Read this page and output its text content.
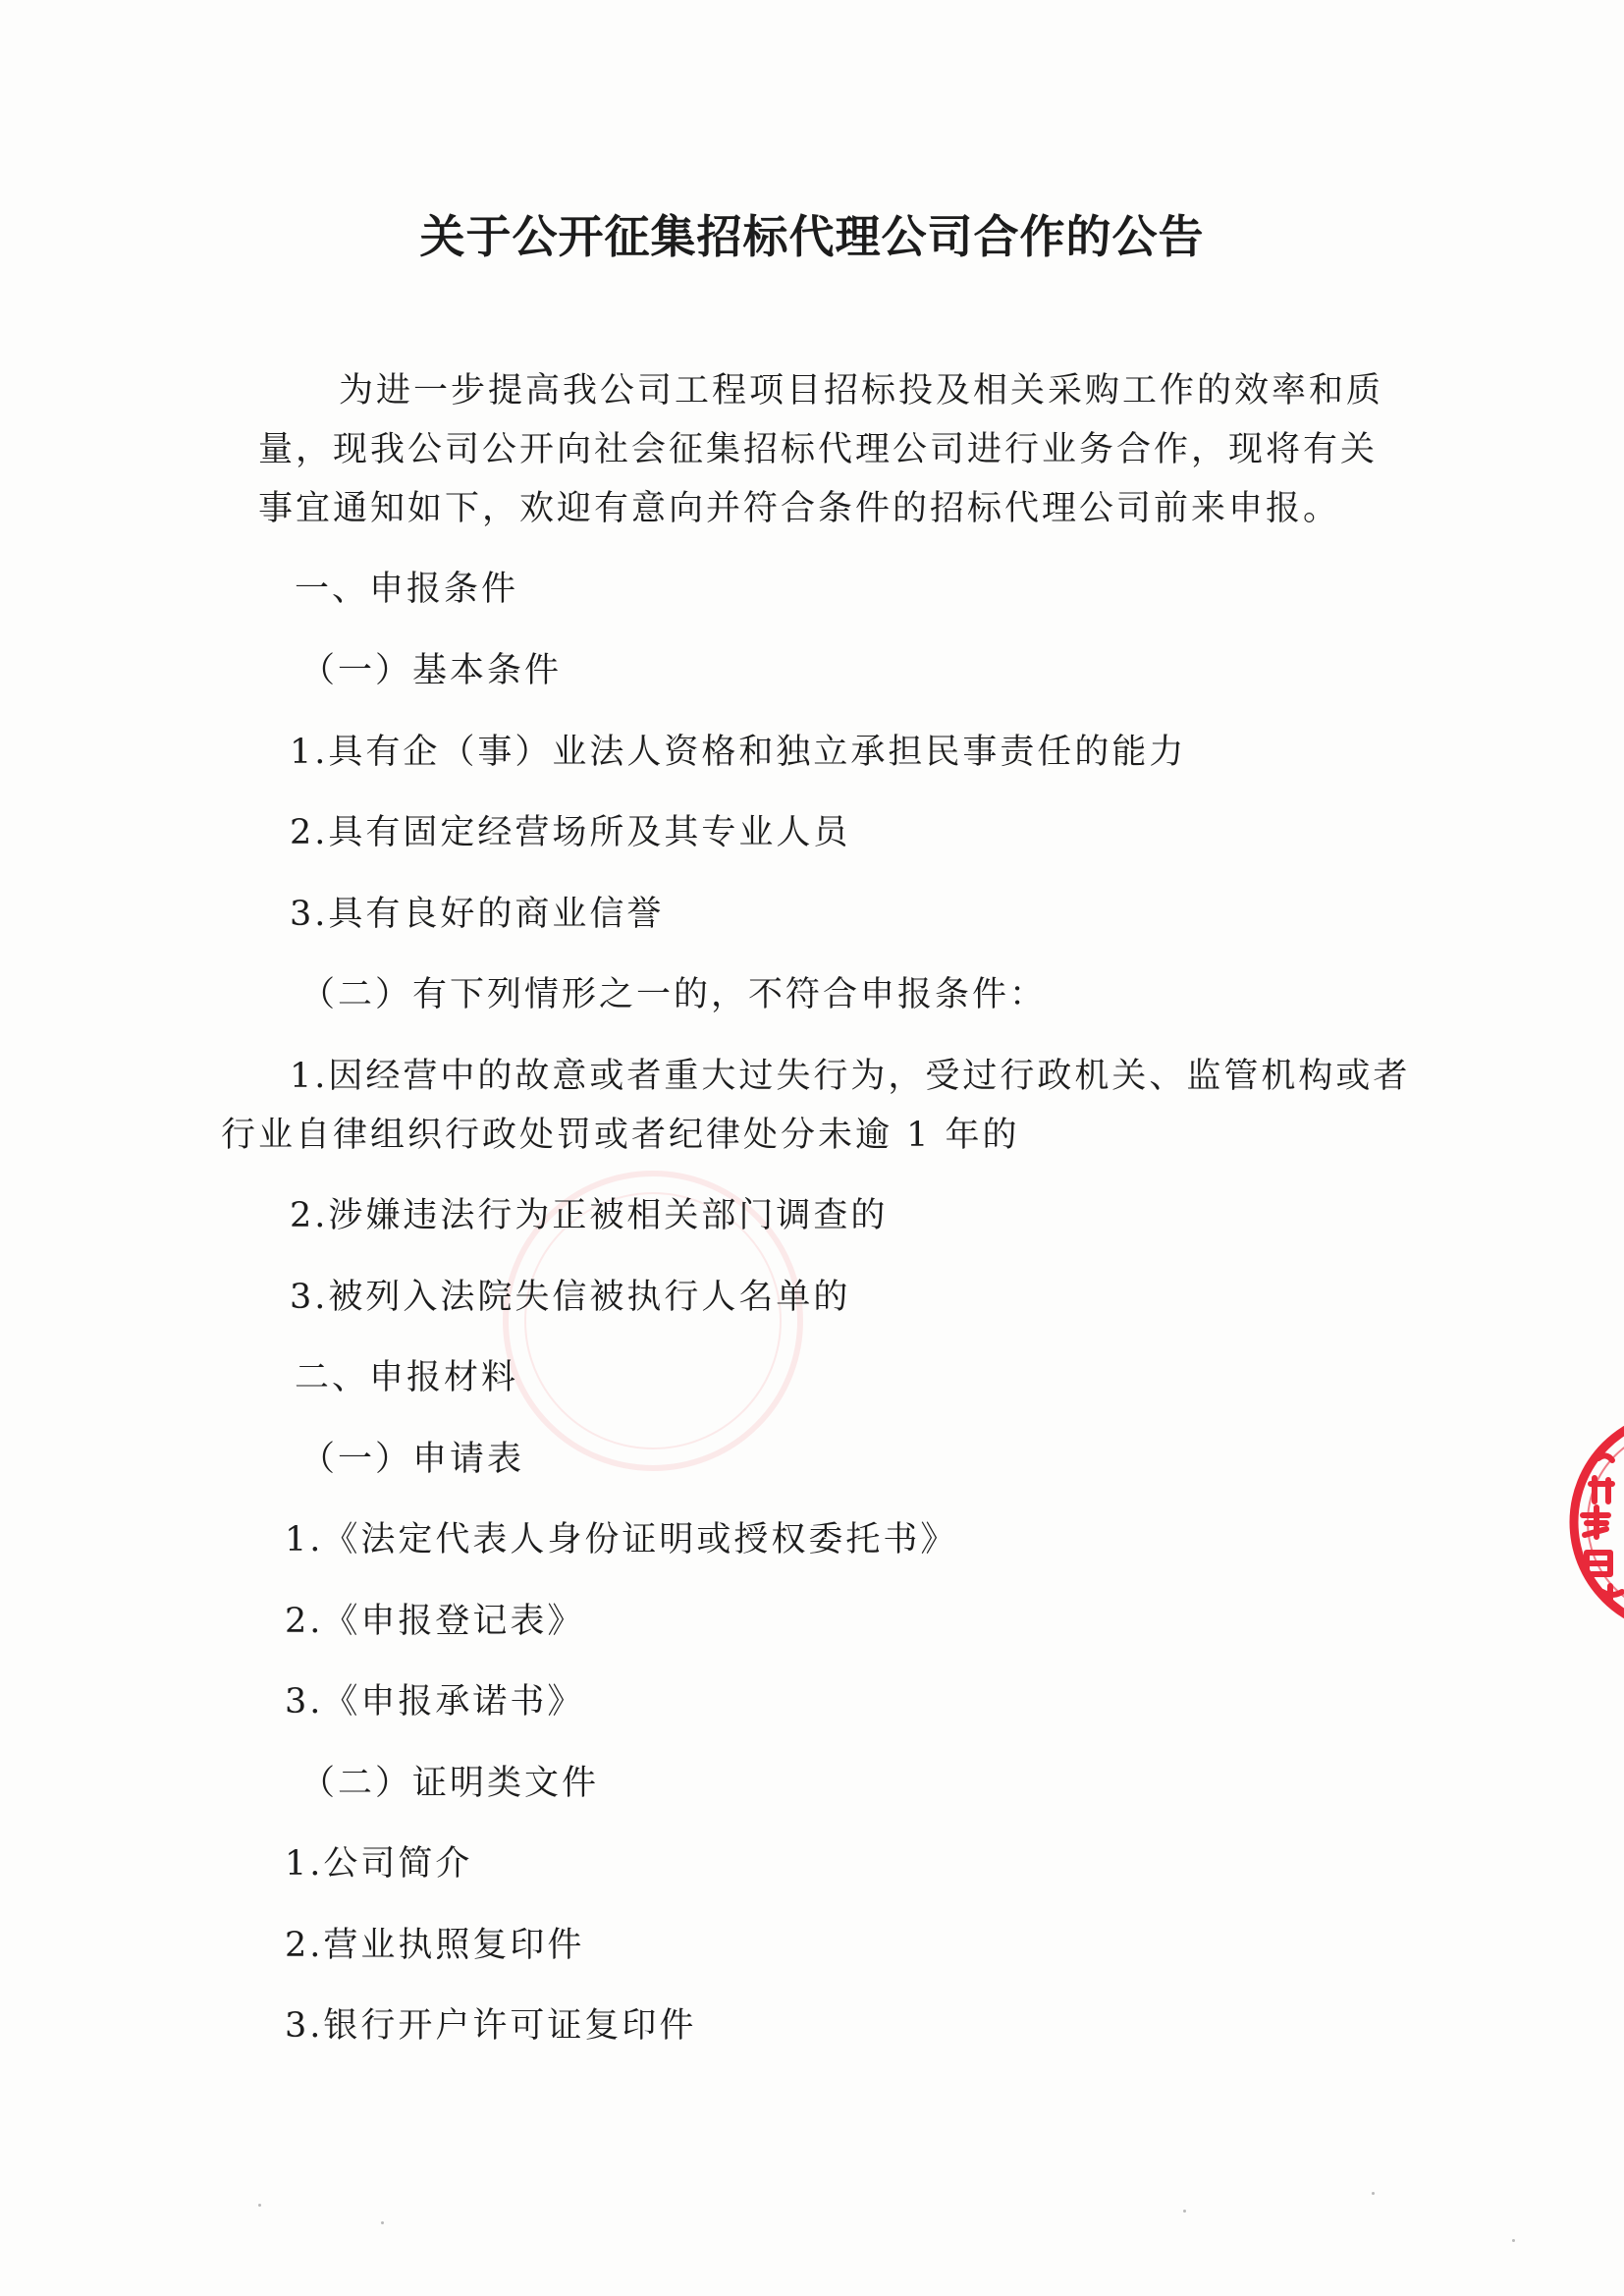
关于公开征集招标代理公司合作的公告

为进一步提高我公司工程项目招标投及相关采购工作的效率和质

量，现我公司公开向社会征集招标代理公司进行业务合作，现将有关

事宜通知如下，欢迎有意向并符合条件的招标代理公司前来申报。

一、申报条件

（一）基本条件

1.具有企（事）业法人资格和独立承担民事责任的能力

2.具有固定经营场所及其专业人员

3.具有良好的商业信誉

（二）有下列情形之一的，不符合申报条件：

1.因经营中的故意或者重大过失行为，受过行政机关、监管机构或者

行业自律组织行政处罚或者纪律处分未逾 1 年的

2.涉嫌违法行为正被相关部门调查的

3.被列入法院失信被执行人名单的

二、申报材料

（一）申请表

1.《法定代表人身份证明或授权委托书》

2.《申报登记表》

3.《申报承诺书》

（二）证明类文件

1.公司简介

2.营业执照复印件

3.银行开户许可证复印件
